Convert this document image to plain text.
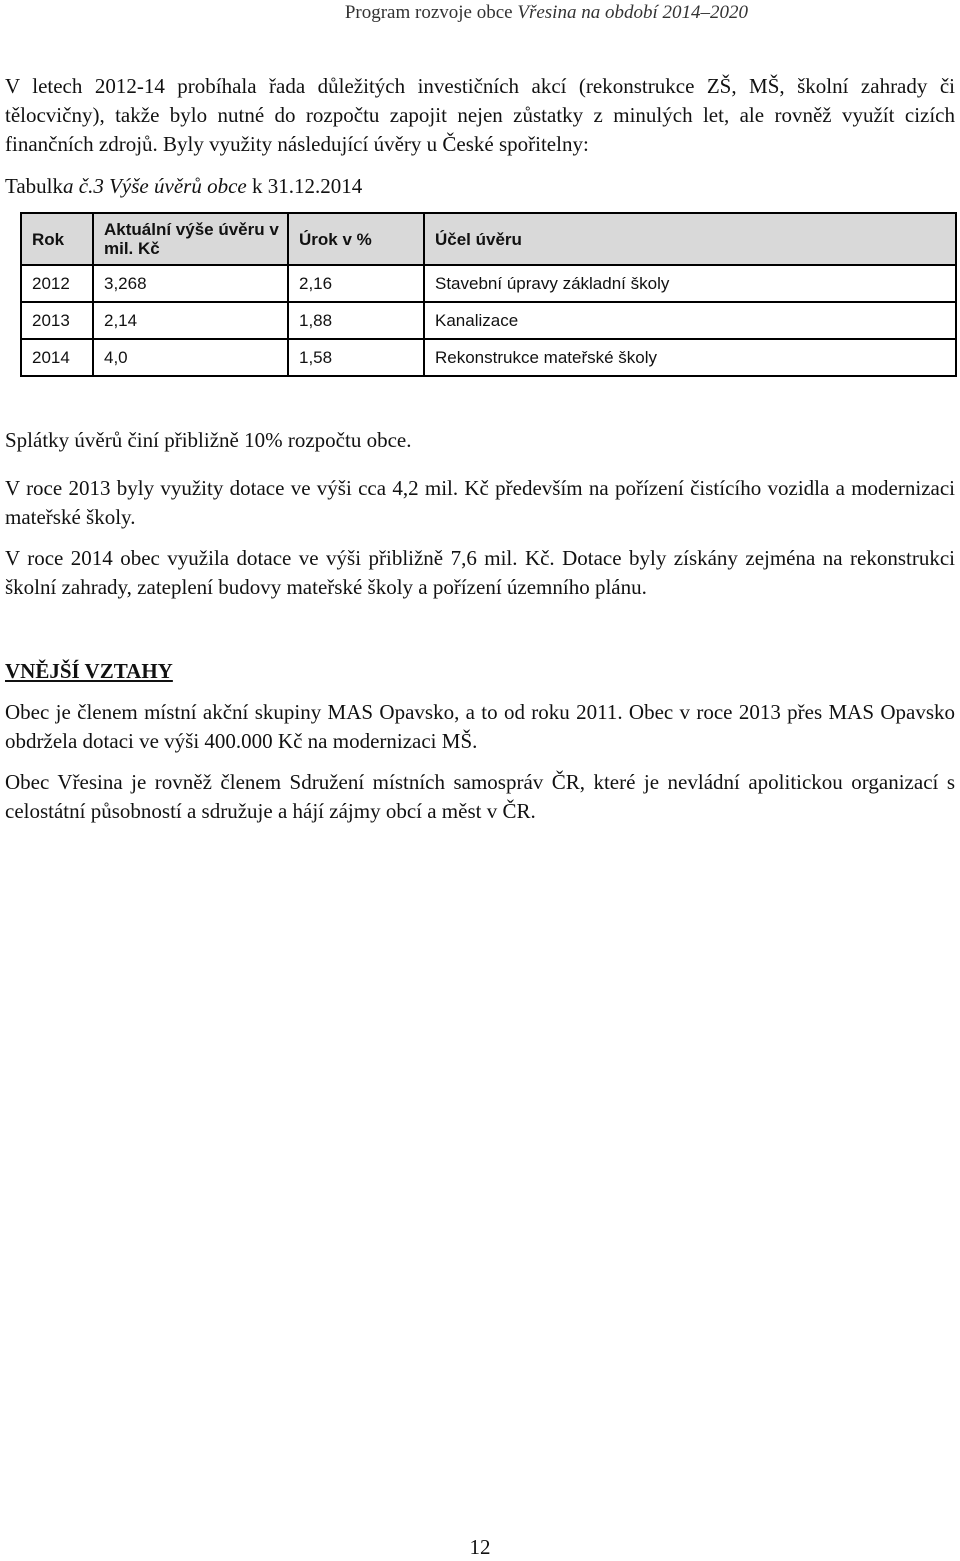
Program rozvoje obce Vřesina na období 2014–2020

V letech 2012-14 probíhala řada důležitých investičních akcí (rekonstrukce ZŠ, MŠ, školní zahrady či tělocvičny), takže bylo nutné do rozpočtu zapojit nejen zůstatky z minulých let, ale rovněž využít cizích finančních zdrojů. Byly využity následující úvěry u České spořitelny:

Tabulka č.3 Výše úvěrů obce k 31.12.2014

Rok	Aktuální výše úvěru v mil. Kč	Úrok v %	Účel úvěru
2012	3,268	2,16	Stavební úpravy základní školy
2013	2,14	1,88	Kanalizace
2014	4,0	1,58	Rekonstrukce mateřské školy

Splátky úvěrů činí přibližně 10% rozpočtu obce.

V roce 2013 byly využity dotace ve výši cca 4,2 mil. Kč především na pořízení čistícího vozidla a modernizaci mateřské školy.

V roce 2014 obec využila dotace ve výši přibližně 7,6 mil. Kč. Dotace byly získány zejména na rekonstrukci školní zahrady, zateplení budovy mateřské školy a pořízení územního plánu.

VNĚJŠÍ VZTAHY

Obec je členem místní akční skupiny MAS Opavsko, a to od roku 2011. Obec v roce 2013 přes MAS Opavsko obdržela dotaci ve výši 400.000 Kč na modernizaci MŠ.

Obec Vřesina je rovněž členem Sdružení místních samospráv ČR, které je nevládní apolitickou organizací s celostátní působností a sdružuje a hájí zájmy obcí a měst v ČR.

12
